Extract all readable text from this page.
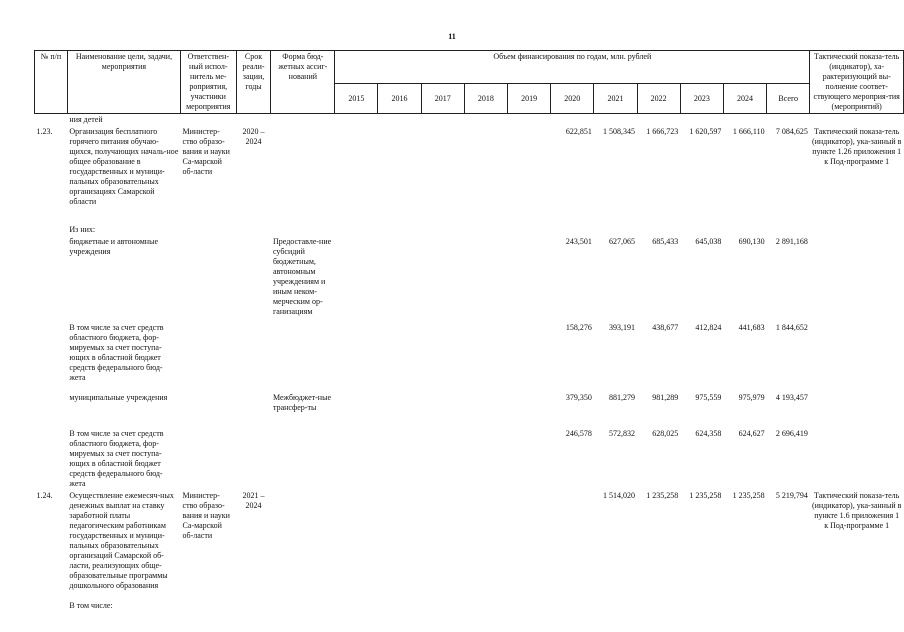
11
№ п/п	Наименование цели, задачи, мероприятия	Ответствен-ный испол-нитель ме-роприятия, участники мероприятия	Срок реали-зации, годы	Форма бюд-жетных ассиг-нований	Объем финансирования по годам, млн. рублей											Тактический показа-тель (индикатор), ха-рактеризующий вы-полнение соответ-ствующего мероприя-тия (мероприятий)
					2015	2016	2017	2018	2019	2020	2021	2022	2023	2024	Всего	
	ния детей															
1.23.	Организация бесплатного горячего питания обучаю-щихся, получающих началь-ное общее образование в государственных и муници-пальных образовательных организациях Самарской области	Министер-ство образо-вания и науки Са-марской об-ласти	2020 – 2024							622,851	1 508,345	1 666,723	1 620,597	1 666,110	7 084,625	Тактический показа-тель (индикатор), ука-занный в пункте 1.26 приложения 1 к Под-программе 1
	Из них:															
	бюджетные и автономные учреждения			Предоставле-ние субсидий бюджетным, автономным учреждениям и иным неком-мерческим ор-ганизациям						243,501	627,065	685,433	645,038	690,130	2 891,168	
	В том числе за счет средств областного бюджета, фор-мируемых за счет поступа-ющих в областной бюджет средств федерального бюд-жета									158,276	393,191	438,677	412,824	441,683	1 844,652	
	муниципальные учреждения			Межбюджет-ные трансфер-ты						379,350	881,279	981,289	975,559	975,979	4 193,457	
	В том числе за счет средств областного бюджета, фор-мируемых за счет поступа-ющих в областной бюджет средств федерального бюд-жета									246,578	572,832	628,025	624,358	624,627	2 696,419	
1.24.	Осуществление ежемесяч-ных денежных выплат на ставку заработной платы педагогическим работникам государственных и муници-пальных образовательных организаций Самарской об-ласти, реализующих обще-образовательные программы дошкольного образования	Министер-ство образо-вания и науки Са-марской об-ласти	2021 – 2024								1 514,020	1 235,258	1 235,258	1 235,258	5 219,794	Тактический показа-тель (индикатор), ука-занный в пункте 1.6 приложения 1 к Под-программе 1
	В том числе:															
